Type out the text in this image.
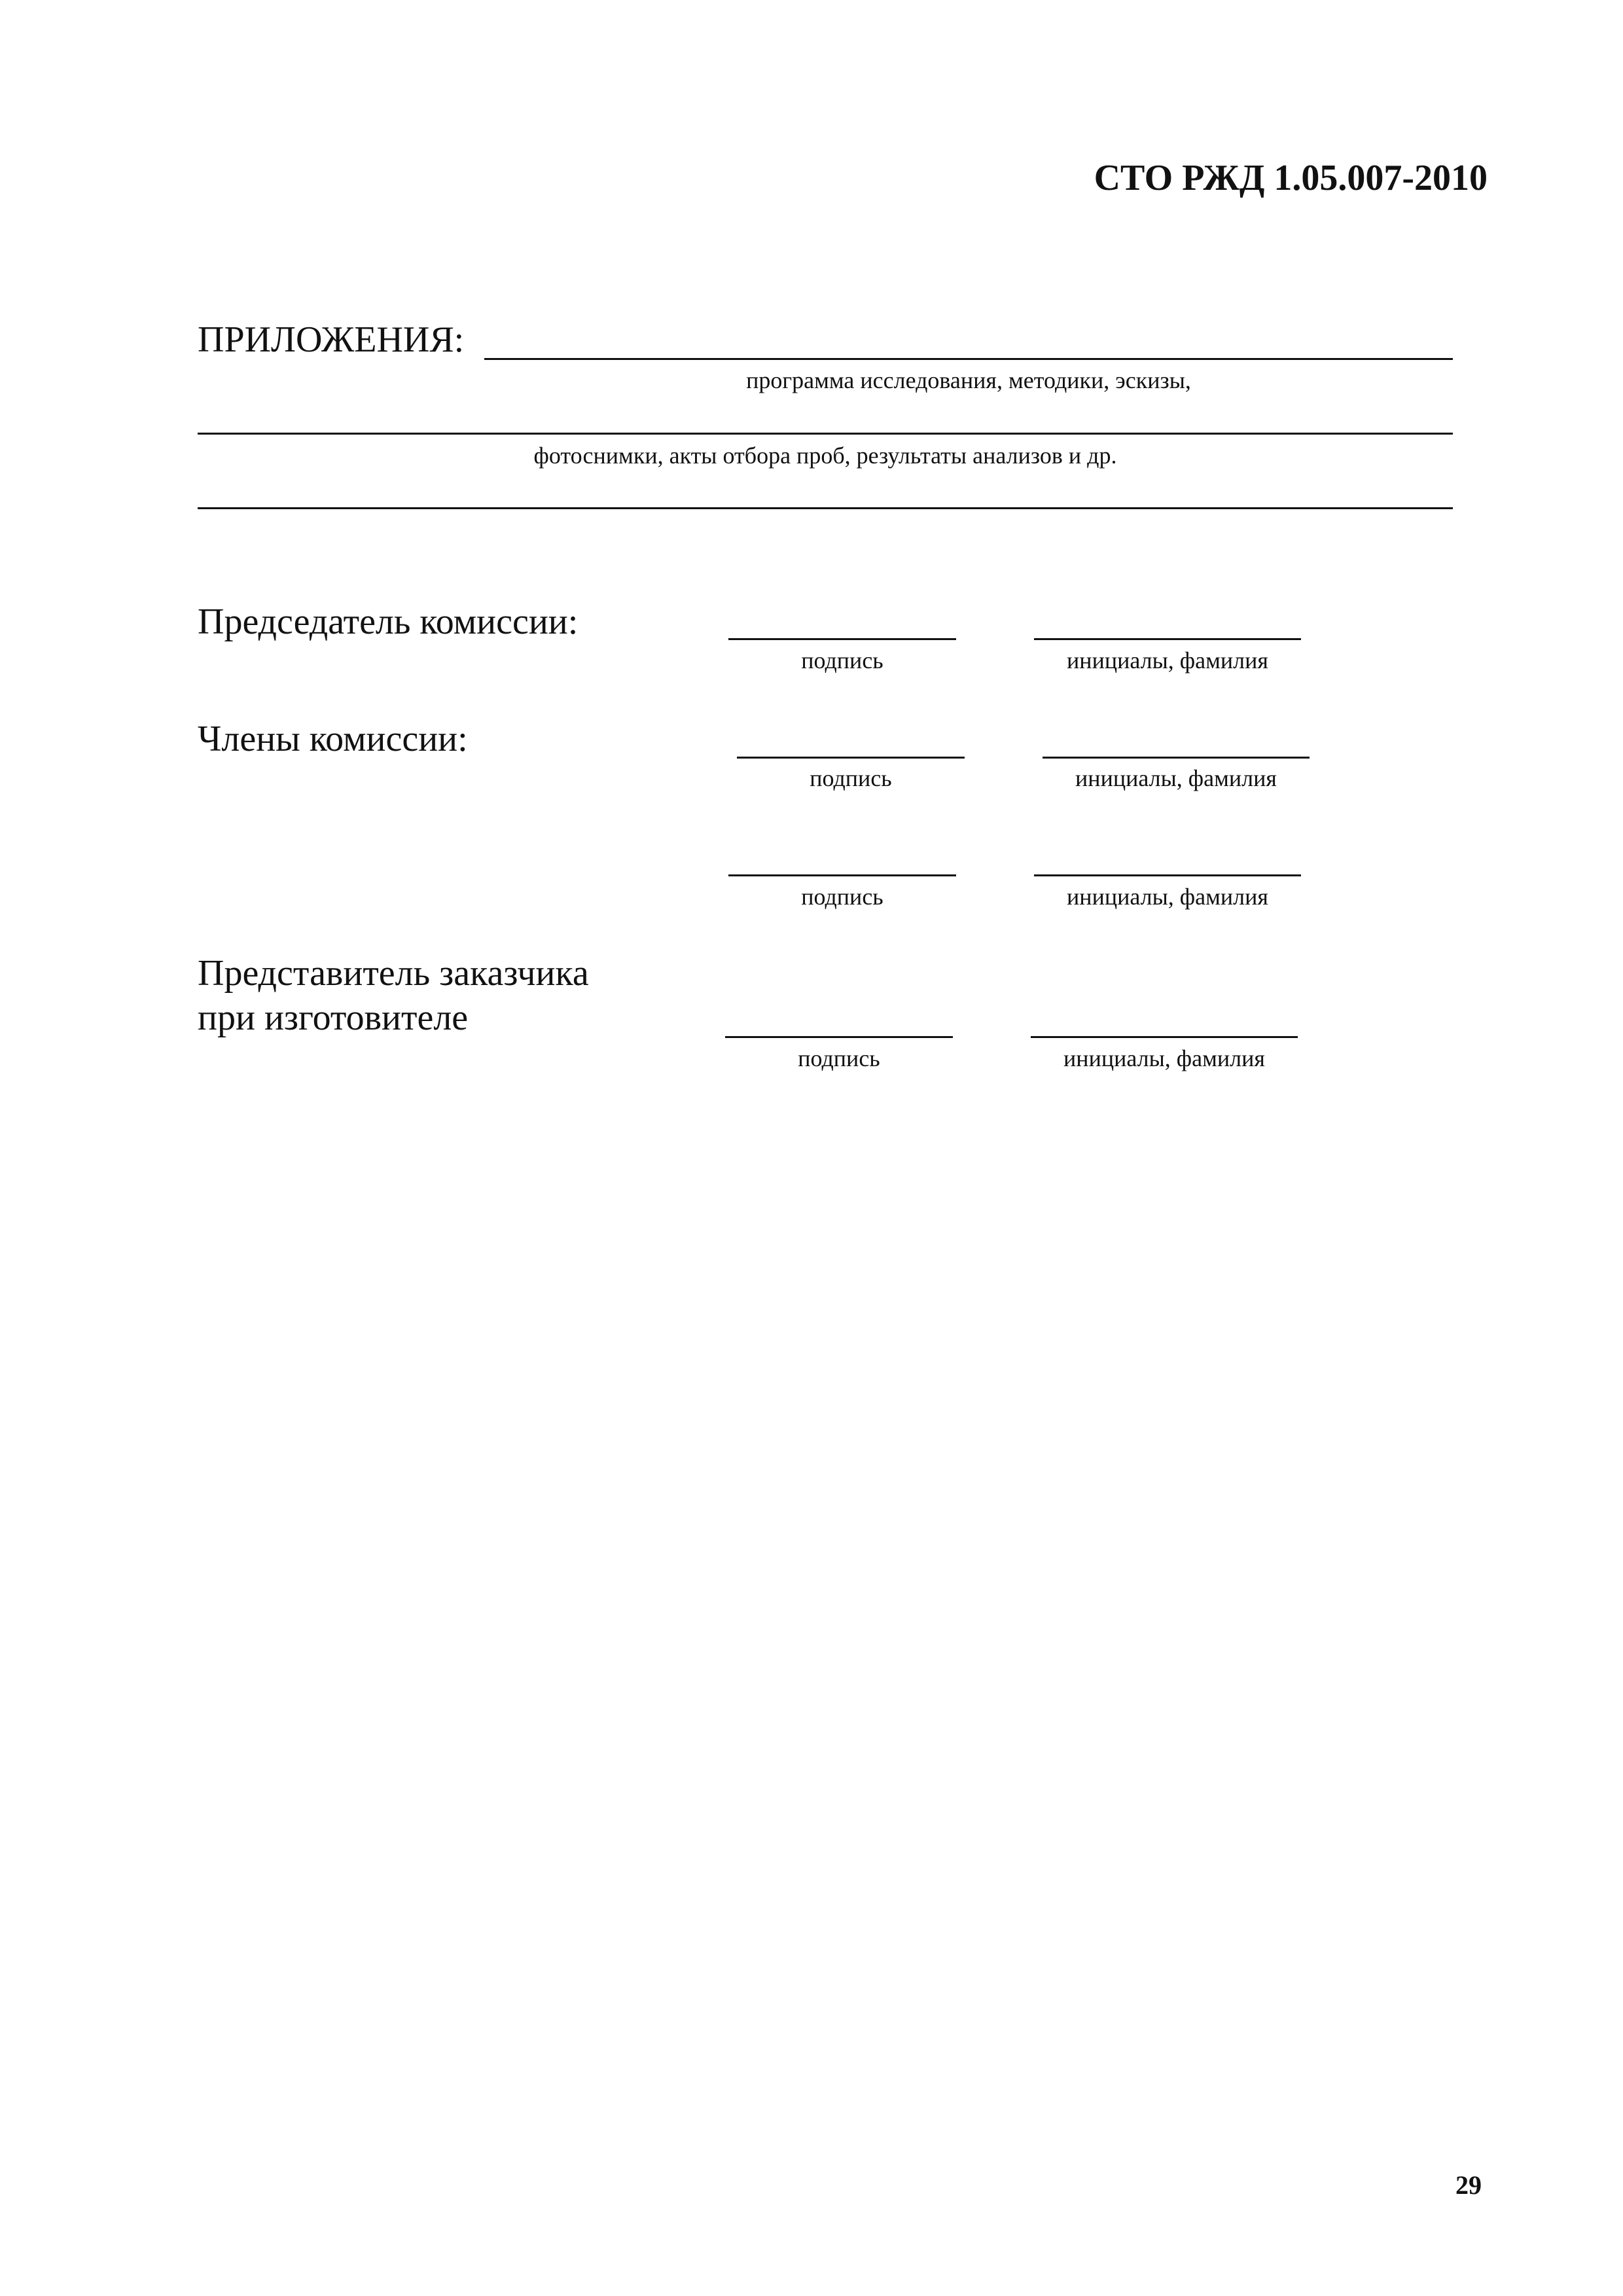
СТО РЖД 1.05.007-2010
ПРИЛОЖЕНИЯ:
программа исследования, методики, эскизы,
фотоснимки, акты отбора проб, результаты анализов и др.
Председатель комиссии:
подпись	инициалы, фамилия
Члены комиссии:
подпись	инициалы, фамилия
подпись	инициалы, фамилия
Представитель заказчика
при изготовителе
подпись	инициалы, фамилия
29
